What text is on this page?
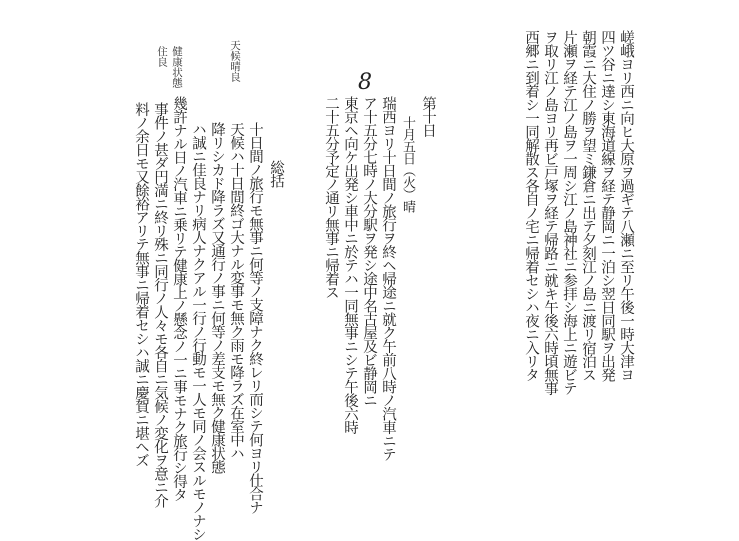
8
天候晴良
健康状態
住良
総括
十日間ノ旅行モ無事ニ何等ノ支障ナク終レリ而シテ何ヨリ仕合ナ
天候ハ十日間終ゴ大ナル変事モ無ク雨モ降ラズ在室中ハ
降リシカド降ラズ又通行ノ事ニ何等ノ差支モ無ク健康状態
ハ誠ニ佳良ナリ病人ナクアル一行ノ行動モ一人モ同ノ会スルモノナシ
幾許ナル日ノ汽車ニ乗リテ健康上ノ懸念ノ一ニ事モナク旅行シ得タ
事件ノ甚ダ円満ニ終リ殊ニ同行ノ人々モ各自ニ気候ノ変化ヲ意ニ介
料ノ余日モ又餘裕アリテ無事ニ帰着セシハ誠ニ慶賀ニ堪ヘズ	嵯峨ヨリ西ニ向ヒ大原ヲ過ギテ八瀬ニ至リ午後一時大津ヨ
四ツ谷ニ達シ東海道線ヲ経テ静岡ニ一泊シ翌日同駅ヲ出発
朝霞ニ大住ノ勝ヲ望ミ鎌倉ニ出テ夕刻江ノ島ニ渡リ宿泊ス
片瀬ヲ経テ江ノ島ヲ一周シ江ノ島神社ニ参拝シ海上ニ遊ビテ
ヲ取リ江ノ島ヨリ再ビ戸塚ヲ経テ帰路ニ就キ午後六時頃無事
西郷ニ到着シ一同解散ス各自ノ宅ニ帰着セシハ夜ニ入リタ
第十日
十月五日（火）晴
瑞西ヨリ十日間ノ旅行ヲ終ヘ帰途ニ就ク午前八時ノ汽車ニテ
ア十五分七時ノ大分駅ヲ発シ途中名古屋及ビ静岡ニ
東京ヘ向ケ出発シ車中ニ於テハ一同無事ニシテ午後六時
二十五分予定ノ通リ無事ニ帰着ス
